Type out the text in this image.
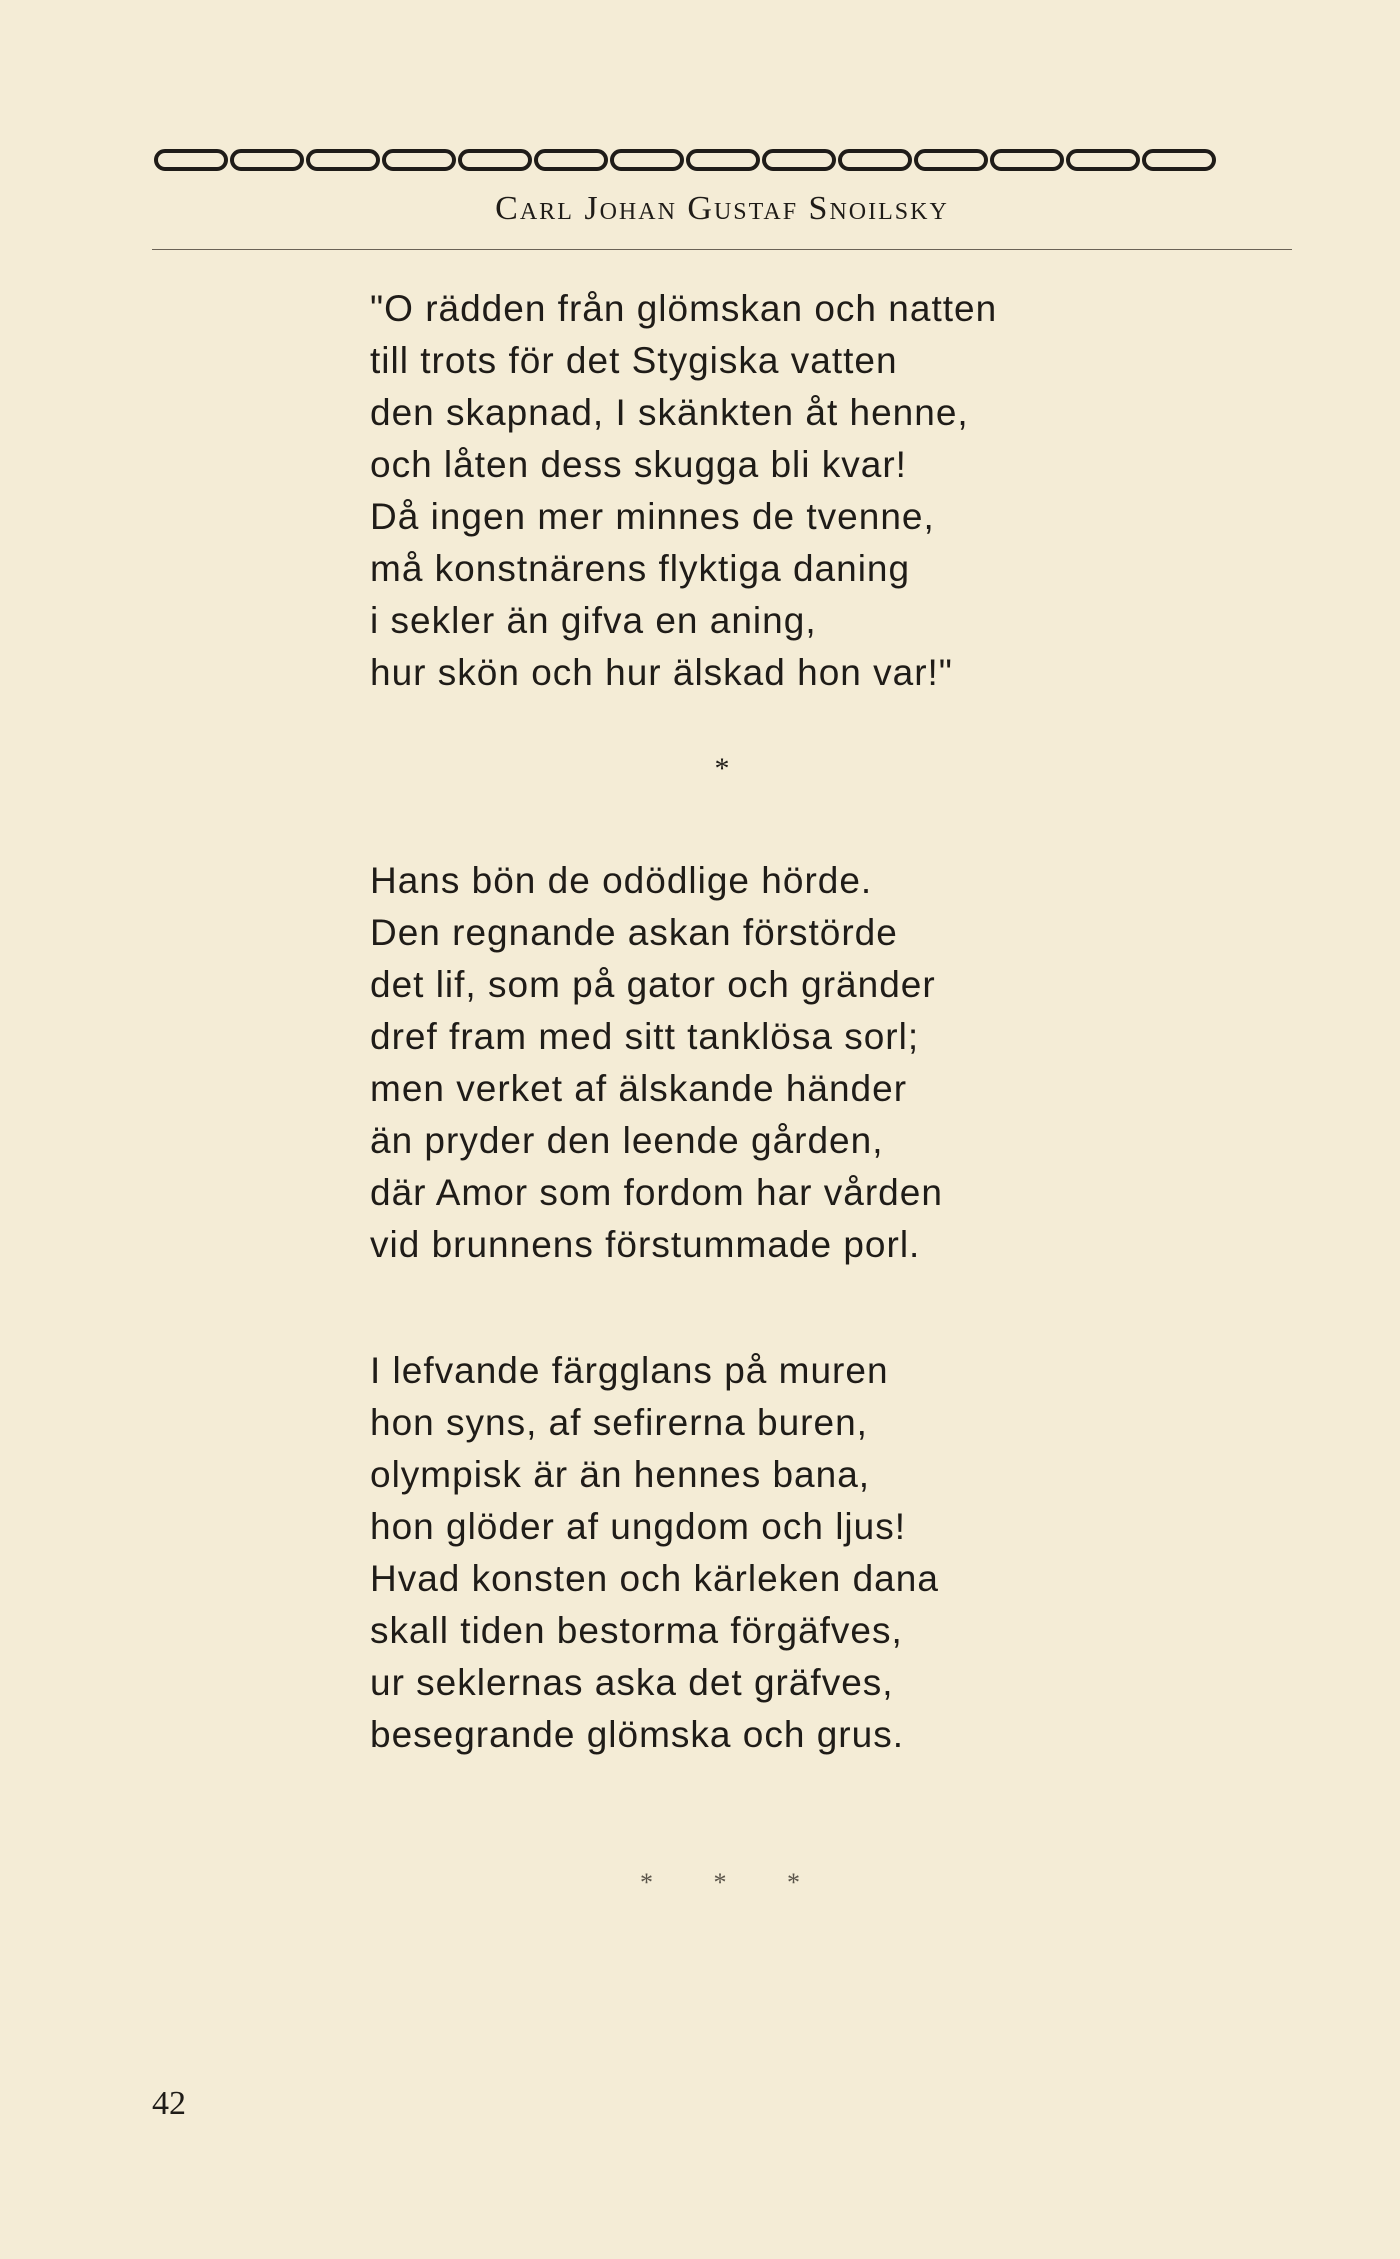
Carl Johan Gustaf Snoilsky
"O rädden från glömskan och natten
till trots för det Stygiska vatten
den skapnad, I skänkten åt henne,
och låten dess skugga bli kvar!
Då ingen mer minnes de tvenne,
må konstnärens flyktiga daning
i sekler än gifva en aning,
hur skön och hur älskad hon var!"
*
Hans bön de odödlige hörde.
Den regnande askan förstörde
det lif, som på gator och gränder
dref fram med sitt tanklösa sorl;
men verket af älskande händer
än pryder den leende gården,
där Amor som fordom har vården
vid brunnens förstummade porl.
I lefvande färgglans på muren
hon syns, af sefirerna buren,
olympisk är än hennes bana,
hon glöder af ungdom och ljus!
Hvad konsten och kärleken dana
skall tiden bestorma förgäfves,
ur seklernas aska det gräfves,
besegrande glömska och grus.
* * *
42
